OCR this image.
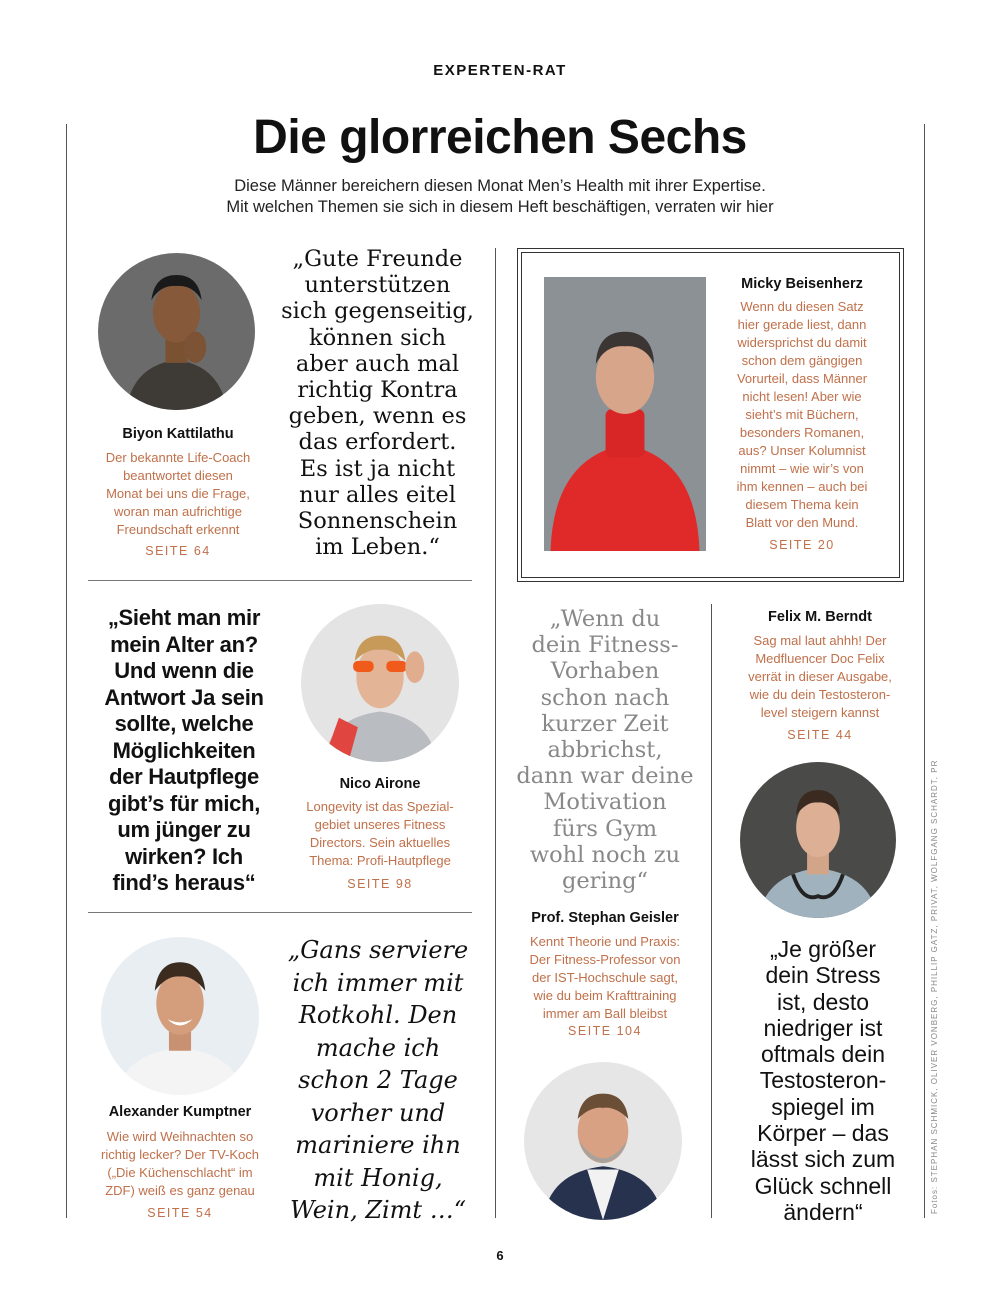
EXPERTEN-RAT
Die glorreichen Sechs
Diese Männer bereichern diesen Monat Men’s Health mit ihrer Expertise.
Mit welchen Themen sie sich in diesem Heft beschäftigen, verraten wir hier
Biyon Kattilathu
Der bekannte Life-Coach
beantwortet diesen
Monat bei uns die Frage,
woran man aufrichtige
Freundschaft erkennt
SEITE 64
„Gute Freunde
unterstützen
sich gegenseitig,
können sich
aber auch mal
richtig Kontra
geben, wenn es
das erfordert.
Es ist ja nicht
nur alles eitel
Sonnenschein
im Leben.“
Micky Beisenherz
Wenn du diesen Satz
hier gerade liest, dann
widersprichst du damit
schon dem gängigen
Vorurteil, dass Männer
nicht lesen! Aber wie
sieht’s mit Büchern,
besonders Romanen,
aus? Unser Kolumnist
nimmt – wie wir’s von
ihm kennen – auch bei
diesem Thema kein
Blatt vor den Mund.
SEITE 20
„Sieht man mir
mein Alter an?
Und wenn die
Antwort Ja sein
sollte, welche
Möglichkeiten
der Hautpflege
gibt’s für mich,
um jünger zu
wirken? Ich
find’s heraus“
Nico Airone
Longevity ist das Spezial-
gebiet unseres Fitness
Directors. Sein aktuelles
Thema: Profi-Hautpflege
SEITE 98
„Wenn du
dein Fitness-
Vorhaben
schon nach
kurzer Zeit
abbrichst,
dann war deine
Motivation
fürs Gym
wohl noch zu
gering“
Prof. Stephan Geisler
Kennt Theorie und Praxis:
Der Fitness-Professor von
der IST-Hochschule sagt,
wie du beim Krafttraining
immer am Ball bleibst
SEITE 104
Felix M. Berndt
Sag mal laut ahhh! Der
Medfluencer Doc Felix
verrät in dieser Ausgabe,
wie du dein Testosteron-
level steigern kannst
SEITE 44
„Je größer
dein Stress
ist, desto
niedriger ist
oftmals dein
Testosteron-
spiegel im
Körper – das
lässt sich zum
Glück schnell
ändern“
Alexander Kumptner
Wie wird Weihnachten so
richtig lecker? Der TV-Koch
(„Die Küchenschlacht“ im
ZDF) weiß es ganz genau
SEITE 54
„Gans serviere
ich immer mit
Rotkohl. Den
mache ich
schon 2 Tage
vorher und
mariniere ihn
mit Honig,
Wein, Zimt …“	Fotos: STEPHAN SCHMICK, OLIVER VONBERG, PHILLIP GATZ, PRIVAT, WOLFGANG SCHARDT, PR
6
